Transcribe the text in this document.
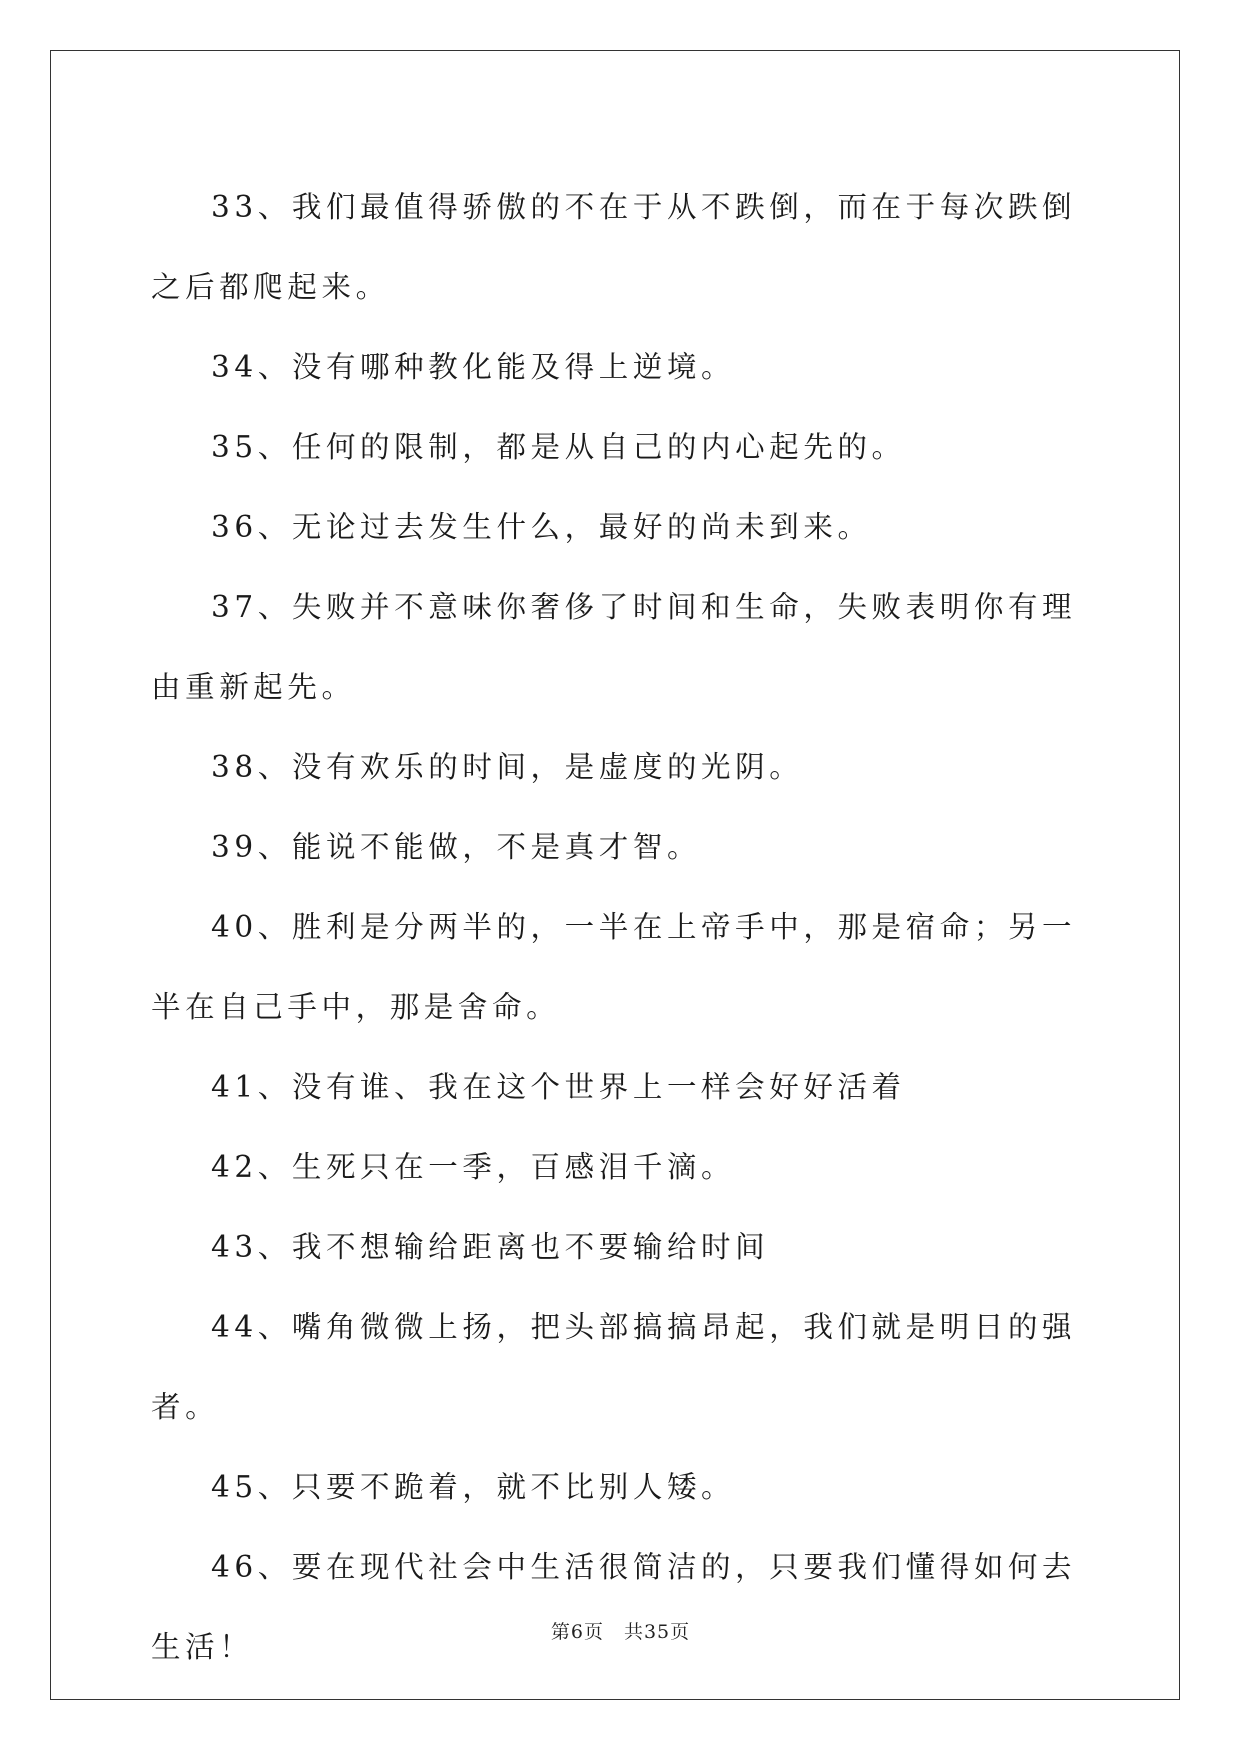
33、我们最值得骄傲的不在于从不跌倒，而在于每次跌倒之后都爬起来。

34、没有哪种教化能及得上逆境。

35、任何的限制，都是从自己的内心起先的。

36、无论过去发生什么，最好的尚未到来。

37、失败并不意味你奢侈了时间和生命，失败表明你有理由重新起先。

38、没有欢乐的时间，是虚度的光阴。

39、能说不能做，不是真才智。

40、胜利是分两半的，一半在上帝手中，那是宿命；另一半在自己手中，那是舍命。

41、没有谁、我在这个世界上一样会好好活着

42、生死只在一季，百感泪千滴。

43、我不想输给距离也不要输给时间

44、嘴角微微上扬，把头部搞搞昂起，我们就是明日的强者。

45、只要不跪着，就不比别人矮。

46、要在现代社会中生活很简洁的，只要我们懂得如何去生活！	第6页 共35页
